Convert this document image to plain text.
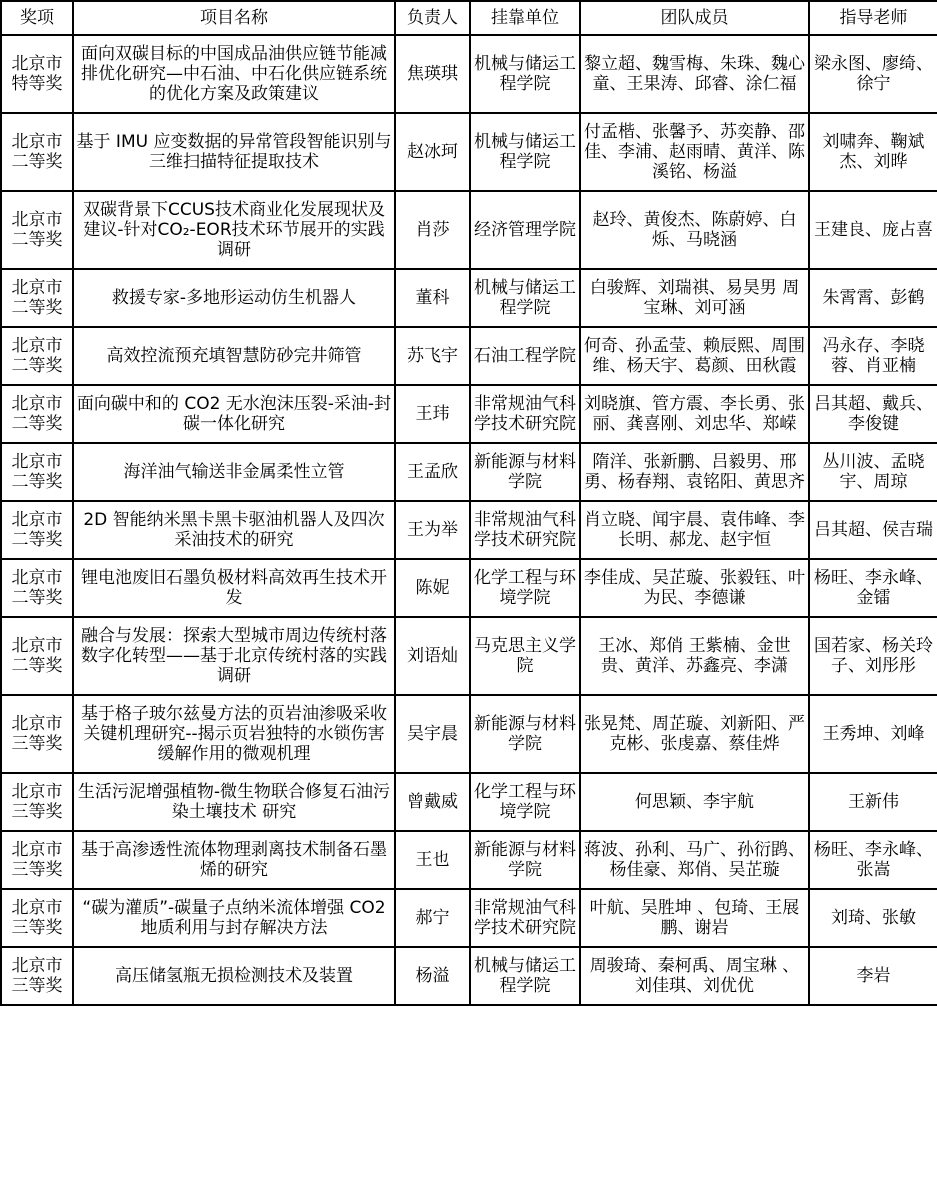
奖项	项目名称	负责人	挂靠单位	团队成员	指导老师
北京市特等奖	面向双碳目标的中国成品油供应链节能减排优化研究—中石油、中石化供应链系统的优化方案及政策建议	焦瑛琪	机械与储运工程学院	黎立超、魏雪梅、朱珠、魏心童、王果涛、邱睿、涂仁福	梁永图、廖绮、徐宁
北京市二等奖	基于 IMU 应变数据的异常管段智能识别与三维扫描特征提取技术	赵冰珂	机械与储运工程学院	付孟楷、张馨予、苏奕静、邵佳、李浦、赵雨晴、黄洋、陈溪铭、杨溢	刘啸奔、鞠斌杰、刘晔
北京市二等奖	双碳背景下CCUS技术商业化发展现状及建议-针对CO₂-EOR技术环节展开的实践调研	肖莎	经济管理学院	赵玲、黄俊杰、陈蔚婷、白烁、马晓涵	王建良、庞占喜
北京市二等奖	救援专家-多地形运动仿生机器人	董科	机械与储运工程学院	白骏辉、刘瑞祺、易昊男 周宝琳、刘可涵	朱霄霄、彭鹤
北京市二等奖	高效控流预充填智慧防砂完井筛管	苏飞宇	石油工程学院	何奇、孙孟莹、赖辰熙、周围维、杨天宇、葛颜、田秋霞	冯永存、李晓蓉、肖亚楠
北京市二等奖	面向碳中和的 CO2 无水泡沫压裂-采油-封碳一体化研究	王玮	非常规油气科学技术研究院	刘晓旗、管方震、李长勇、张丽、龚喜刚、刘忠华、郑嵘	吕其超、戴兵、李俊键
北京市二等奖	海洋油气输送非金属柔性立管	王孟欣	新能源与材料学院	隋洋、张新鹏、吕毅男、邢勇、杨春翔、袁铭阳、黄思齐	丛川波、孟晓宇、周琼
北京市二等奖	2D 智能纳米黑卡黑卡驱油机器人及四次采油技术的研究	王为举	非常规油气科学技术研究院	肖立晓、闻宇晨、袁伟峰、李长明、郝龙、赵宇恒	吕其超、侯吉瑞
北京市二等奖	锂电池废旧石墨负极材料高效再生技术开发	陈妮	化学工程与环境学院	李佳成、吴芷璇、张毅钰、叶为民、李德谦	杨旺、李永峰、金镭
北京市二等奖	融合与发展：探索大型城市周边传统村落数字化转型——基于北京传统村落的实践调研	刘语灿	马克思主义学院	王冰、郑俏 王紫楠、金世贵、黄洋、苏鑫亮、李潇	国若家、杨关玲子、刘彤彤
北京市三等奖	基于格子玻尔兹曼方法的页岩油渗吸采收关键机理研究--揭示页岩独特的水锁伤害缓解作用的微观机理	吴宇晨	新能源与材料学院	张晃梵、周芷璇、刘新阳、严克彬、张虔嘉、蔡佳烨	王秀坤、刘峰
北京市三等奖	生活污泥增强植物-微生物联合修复石油污染土壤技术 研究	曾戴威	化学工程与环境学院	何思颖、李宇航	王新伟
北京市三等奖	基于高渗透性流体物理剥离技术制备石墨烯的研究	王也	新能源与材料学院	蒋波、孙利、马广、孙衍鹍、杨佳豪、郑俏、吴芷璇	杨旺、李永峰、张嵩
北京市三等奖	“碳为灌质”-碳量子点纳米流体增强 CO2 地质利用与封存解决方法	郝宁	非常规油气科学技术研究院	叶航、吴胜坤 、包琦、王展鹏、谢岩	刘琦、张敏
北京市三等奖	高压储氢瓶无损检测技术及装置	杨溢	机械与储运工程学院	周骏琦、秦柯禹、周宝琳 、刘佳琪、刘优优	李岩
